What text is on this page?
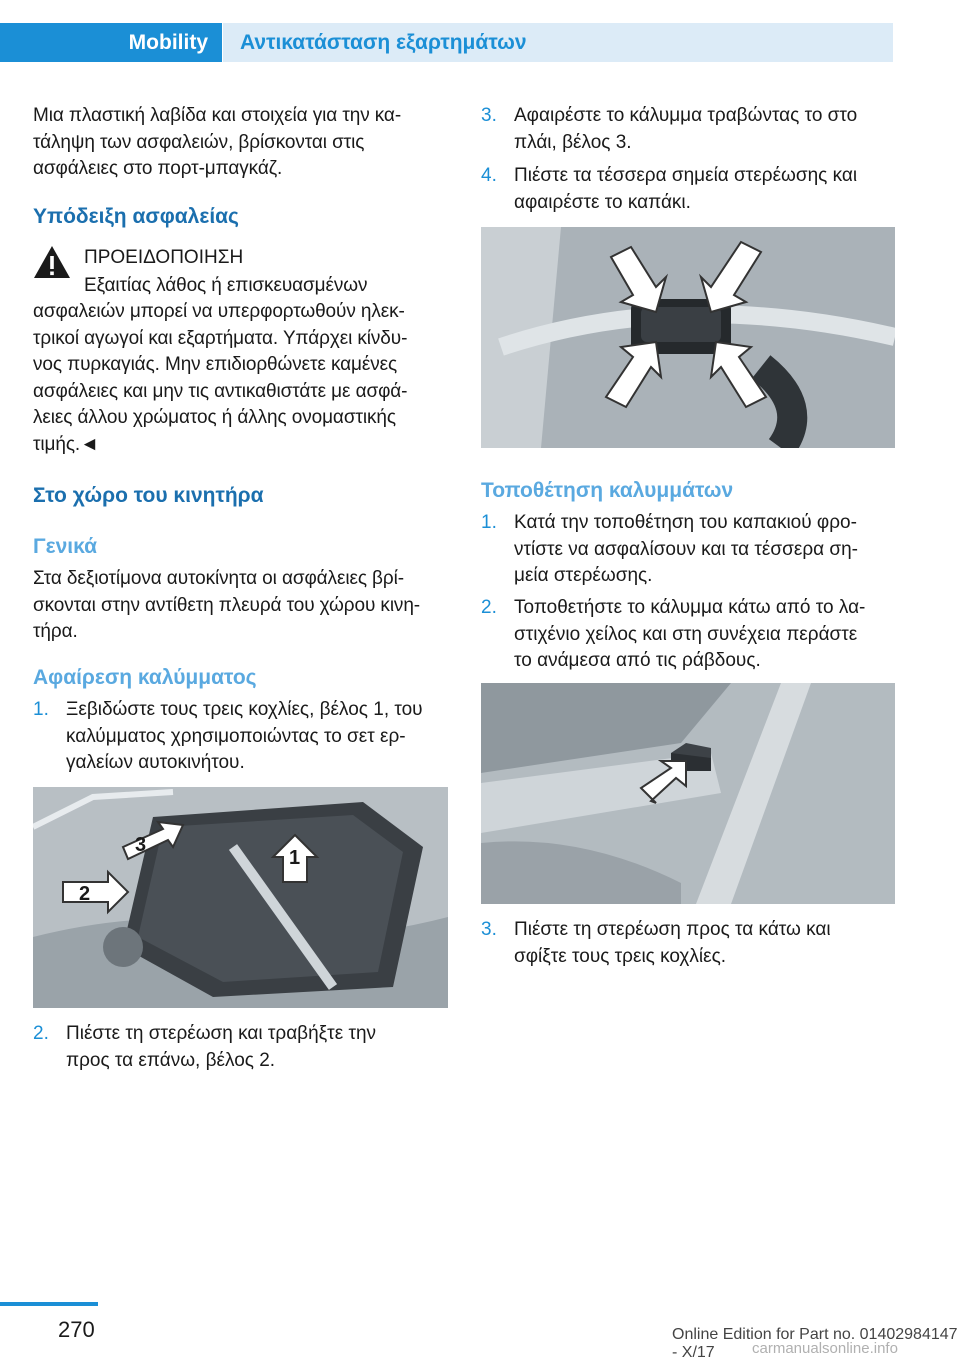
Mobility	Αντικατάσταση εξαρτημάτων
Μια πλαστική λαβίδα και στοιχεία για την κα-
τάληψη των ασφαλειών, βρίσκονται στις
ασφάλειες στο πορτ-μπαγκάζ.
Υπόδειξη ασφαλείας
ΠΡΟΕΙΔΟΠΟΙΗΣΗ
Εξαιτίας λάθος ή επισκευασμένων
ασφαλειών μπορεί να υπερφορτωθούν ηλεκ-
τρικοί αγωγοί και εξαρτήματα. Υπάρχει κίνδυ-
νος πυρκαγιάς. Μην επιδιορθώνετε καμένες
ασφάλειες και μην τις αντικαθιστάτε με ασφά-
λειες άλλου χρώματος ή άλλης ονομαστικής
τιμής.◄
Στο χώρο του κινητήρα
Γενικά
Στα δεξιοτίμονα αυτοκίνητα οι ασφάλειες βρί-
σκονται στην αντίθετη πλευρά του χώρου κινη-
τήρα.
Αφαίρεση καλύμματος
1. Ξεβιδώστε τους τρεις κοχλίες, βέλος 1, του
καλύμματος χρησιμοποιώντας το σετ ερ-
γαλείων αυτοκινήτου.
1
2
3
2. Πιέστε τη στερέωση και τραβήξτε την
προς τα επάνω, βέλος 2.
3. Αφαιρέστε το κάλυμμα τραβώντας το στο
πλάι, βέλος 3.
4. Πιέστε τα τέσσερα σημεία στερέωσης και
αφαιρέστε το καπάκι.
Τοποθέτηση καλυμμάτων
1. Κατά την τοποθέτηση του καπακιού φρο-
ντίστε να ασφαλίσουν και τα τέσσερα ση-
μεία στερέωσης.
2. Τοποθετήστε το κάλυμμα κάτω από το λα-
στιχένιο χείλος και στη συνέχεια περάστε
το ανάμεσα από τις ράβδους.
3. Πιέστε τη στερέωση προς τα κάτω και
σφίξτε τους τρεις κοχλίες.
270	Online Edition for Part no. 01402984147 - X/17	carmanualsonline.info
